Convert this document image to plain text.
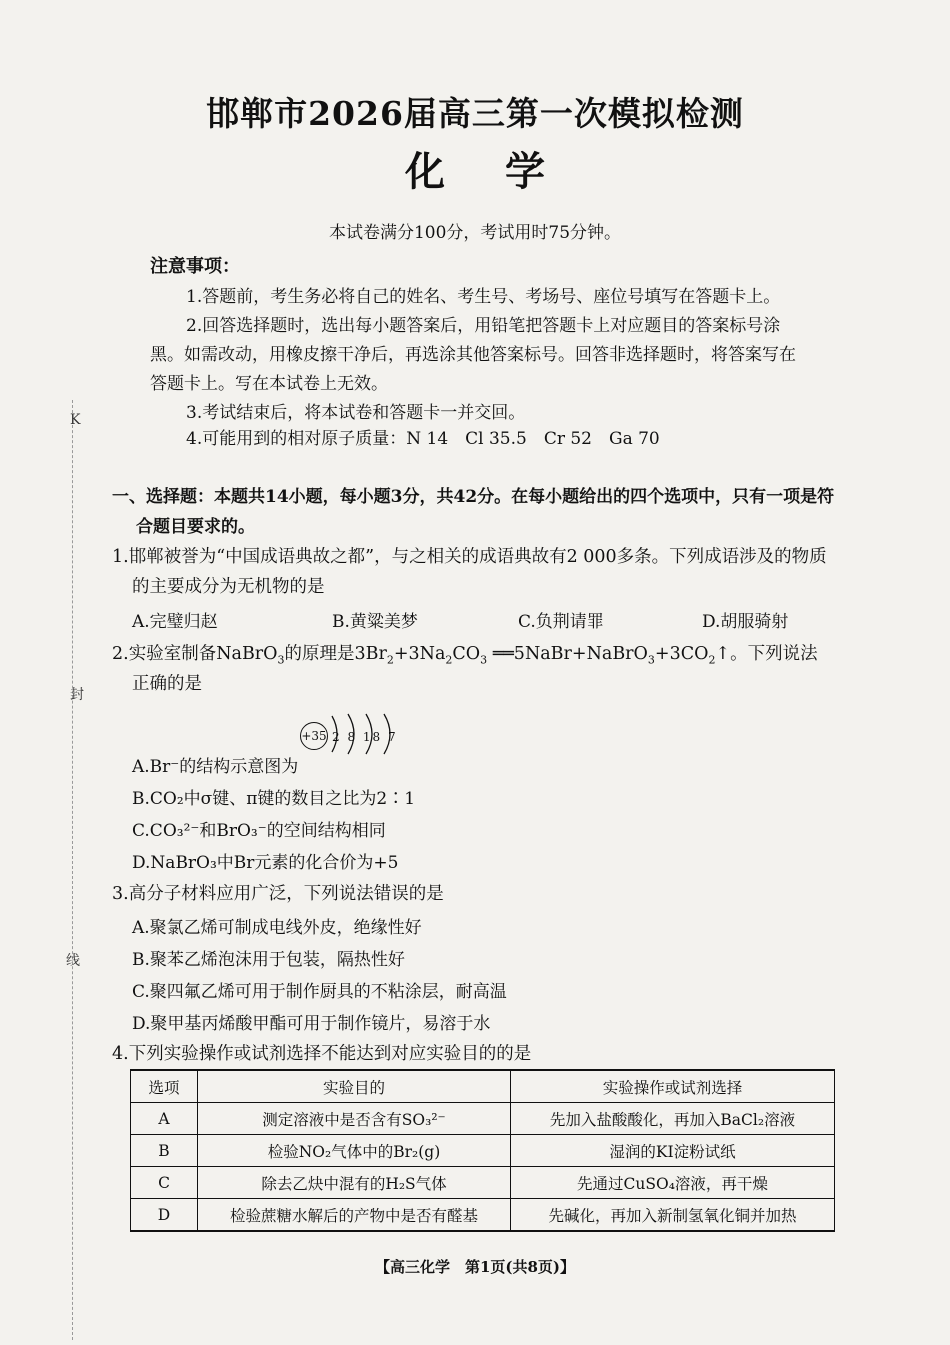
K
封
线
邯郸市2026届高三第一次模拟检测
化学
本试卷满分100分，考试用时75分钟。
注意事项：
1.答题前，考生务必将自己的姓名、考生号、考场号、座位号填写在答题卡上。
2.回答选择题时，选出每小题答案后，用铅笔把答题卡上对应题目的答案标号涂
黑。如需改动，用橡皮擦干净后，再选涂其他答案标号。回答非选择题时，将答案写在
答题卡上。写在本试卷上无效。
3.考试结束后，将本试卷和答题卡一并交回。
4.可能用到的相对原子质量：N 14　Cl 35.5　Cr 52　Ga 70
一、选择题：本题共14小题，每小题3分，共42分。在每小题给出的四个选项中，只有一项是符
合题目要求的。
1.邯郸被誉为“中国成语典故之都”，与之相关的成语典故有2 000多条。下列成语涉及的物质
的主要成分为无机物的是
A.完璧归赵	B.黄粱美梦	C.负荆请罪	D.胡服骑射
2.实验室制备NaBrO$_3$的原理是$3Br_2+3Na_2CO_3$ $══5NaBr+NaBrO_3+3CO_2↑$。下列说法
正确的是
+35 2 8 18 7
A.Br⁻的结构示意图为
B.CO₂中σ键、π键的数目之比为2∶1
C.CO₃²⁻和BrO₃⁻的空间结构相同
D.NaBrO₃中Br元素的化合价为+5
3.高分子材料应用广泛，下列说法错误的是
A.聚氯乙烯可制成电线外皮，绝缘性好
B.聚苯乙烯泡沫用于包装，隔热性好
C.聚四氟乙烯可用于制作厨具的不粘涂层，耐高温
D.聚甲基丙烯酸甲酯可用于制作镜片，易溶于水
4.下列实验操作或试剂选择不能达到对应实验目的的是
选项	实验目的	实验操作或试剂选择
A	测定溶液中是否含有SO₃²⁻	先加入盐酸酸化，再加入BaCl₂溶液
B	检验NO₂气体中的Br₂(g)	湿润的KI淀粉试纸
C	除去乙炔中混有的H₂S气体	先通过CuSO₄溶液，再干燥
D	检验蔗糖水解后的产物中是否有醛基	先碱化，再加入新制氢氧化铜并加热
【高三化学　第1页(共8页)】
